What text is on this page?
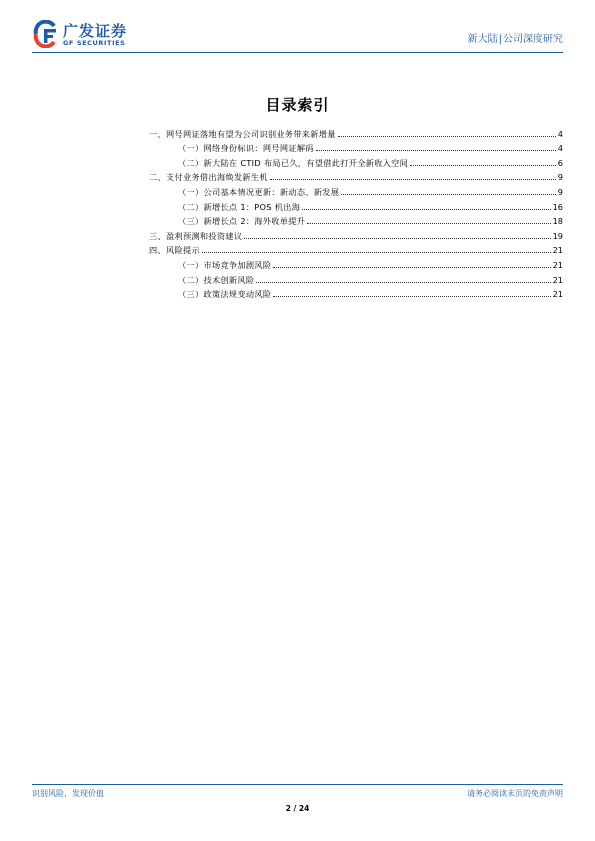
广发证券
GF SECURITIES	新大陆|公司深度研究
目录索引
一、网号网证落地有望为公司识别业务带来新增量	4
（一）网络身份标识：网号网证解码	4
（二）新大陆在 CTID 布局已久，有望借此打开全新收入空间	6
二、支付业务借出海焕发新生机	9
（一）公司基本情况更新：新动态、新发展	9
（二）新增长点 1：POS 机出海	16
（三）新增长点 2：海外收单提升	18
三、盈利预测和投资建议	19
四、风险提示	21
（一）市场竞争加剧风险	21
（二）技术创新风险	21
（三）政策法规变动风险	21
识别风险，发现价值	请务必阅读末页的免责声明
2 / 24
